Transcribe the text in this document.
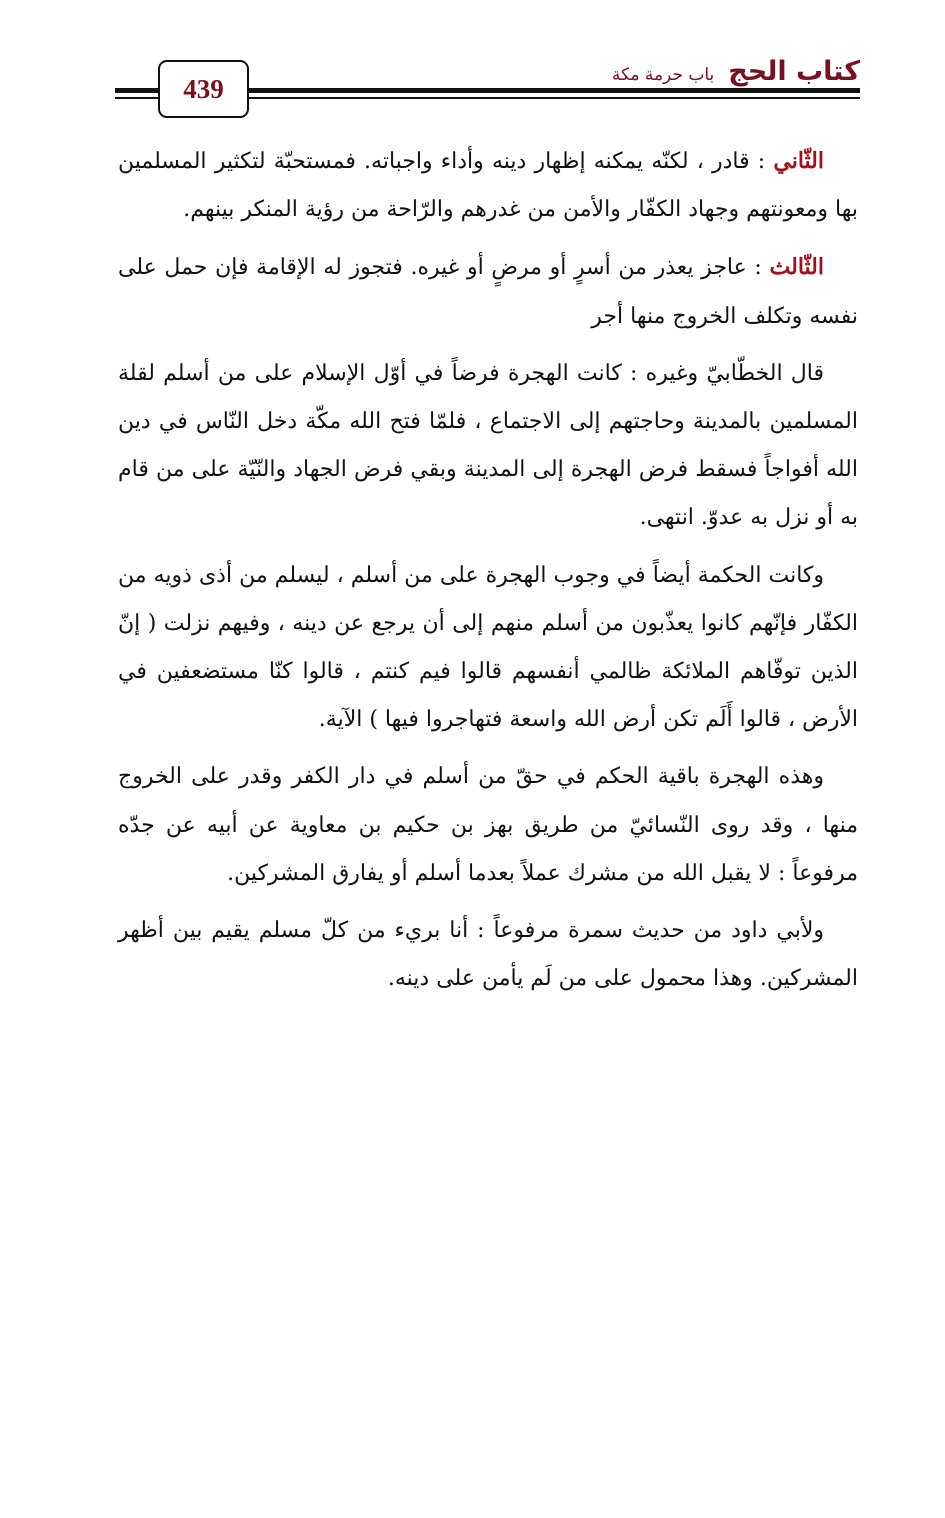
كتاب الحج
باب حرمة مكة
439

الثّاني : قادر ، لكنّه يمكنه إظهار دينه وأداء واجباته. فمستحبّة لتكثير المسلمين بها ومعونتهم وجهاد الكفّار والأمن من غدرهم والرّاحة من رؤية المنكر بينهم.

الثّالث : عاجز يعذر من أسرٍ أو مرضٍ أو غيره. فتجوز له الإقامة فإن حمل على نفسه وتكلف الخروج منها أجر

قال الخطّابيّ وغيره : كانت الهجرة فرضاً في أوّل الإسلام على من أسلم لقلة المسلمين بالمدينة وحاجتهم إلى الاجتماع ، فلمّا فتح الله مكّة دخل النّاس في دين الله أفواجاً فسقط فرض الهجرة إلى المدينة وبقي فرض الجهاد والنّيّة على من قام به أو نزل به عدوّ. انتهى.

وكانت الحكمة أيضاً في وجوب الهجرة على من أسلم ، ليسلم من أذى ذويه من الكفّار فإنّهم كانوا يعذّبون من أسلم منهم إلى أن يرجع عن دينه ، وفيهم نزلت ( إنّ الذين توفّاهم الملائكة ظالمي أنفسهم قالوا فيم كنتم ، قالوا كنّا مستضعفين في الأرض ، قالوا أَلَم تكن أرض الله واسعة فتهاجروا فيها ) الآية.

وهذه الهجرة باقية الحكم في حقّ من أسلم في دار الكفر وقدر على الخروج منها ، وقد روى النّسائيّ من طريق بهز بن حكيم بن معاوية عن أبيه عن جدّه مرفوعاً : لا يقبل الله من مشرك عملاً بعدما أسلم أو يفارق المشركين.

ولأبي داود من حديث سمرة مرفوعاً : أنا بريء من كلّ مسلم يقيم بين أظهر المشركين. وهذا محمول على من لَم يأمن على دينه.
